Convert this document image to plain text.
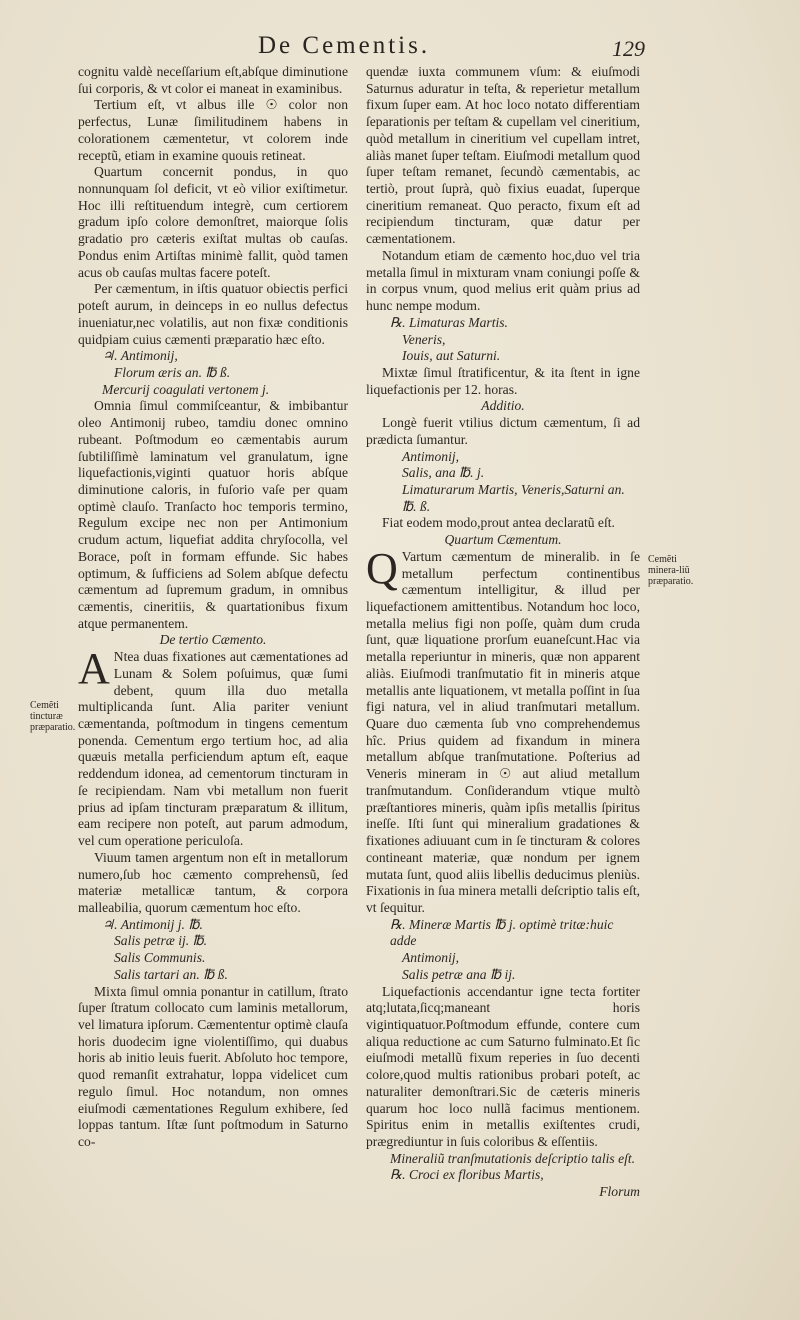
De Cementis.	129
Cemẽti tincturæ præparatio.
Cemẽti minera-liũ præparatio.

cognitu valdè neceſſarium eſt,abſque diminutione ſui corporis, & vt color ei maneat in examinibus.

Tertium eſt, vt albus ille ☉ color non perfectus, Lunæ ſimilitudinem habens in colorationem cæmentetur, vt colorem inde receptũ, etiam in examine quouis retineat.

Quartum concernit pondus, in quo nonnunquam ſol deficit, vt eò vilior exiſtimetur. Hoc illi reſtituendum integrè, cum certiorem gradum ipſo colore demonſtret, maiorque ſolis gradatio pro cæteris exiſtat multas ob cauſas. Pondus enim Artiſtas minimè fallit, quòd tamen acus ob cauſas multas facere poteſt.

Per cæmentum, in iſtis quatuor obiectis perfici poteſt aurum, in deinceps in eo nullus defectus inueniatur,nec volatilis, aut non fixæ conditionis quidpiam cuius cæmenti præparatio hæc eſto.

♃. Antimonij,

Florum æris an. ℔ ß.

Mercurij coagulati vertonem j.

Omnia ſimul commiſceantur, & imbibantur oleo Antimonij rubeo, tamdiu donec omnino rubeant. Poſtmodum eo cæmentabis aurum ſubtiliſſimè laminatum vel granulatum, igne liquefactionis,viginti quatuor horis abſque diminutione caloris, in fuſorio vaſe per quam optimè clauſo. Tranſacto hoc temporis termino, Regulum excipe nec non per Antimonium crudum actum, liquefiat addita chryſocolla, vel Borace, poſt in formam effunde. Sic habes optimum, & ſufficiens ad Solem abſque defectu cæmentum ad ſupremum gradum, in omnibus cæmentis, cineritiis, & quartationibus fixum atque permanentem.

De tertio Cæmento.

A Ntea duas fixationes aut cæmentationes ad Lunam & Solem poſuimus, quæ ſumi debent, quum illa duo metalla multiplicanda ſunt. Alia pariter veniunt cæmentanda, poſtmodum in tingens cementum ponenda. Cementum ergo tertium hoc, ad alia quæuis metalla perficiendum aptum eſt, eaque reddendum idonea, ad cementorum tincturam in ſe recipiendam. Nam vbi metallum non fuerit prius ad ipſam tincturam præparatum & illitum, eam recipere non poteſt, aut parum admodum, vel cum operatione periculoſa.

Viuum tamen argentum non eſt in metallorum numero,ſub hoc cæmento comprehensũ, ſed materiæ metallicæ tantum, & corpora malleabilia, quorum cæmentum hoc eſto.

♃. Antimonij j. ℔.

Salis petræ ij. ℔.

Salis Communis.

Salis tartari an. ℔ ß.

Mixta ſimul omnia ponantur in catillum, ſtrato ſuper ſtratum collocato cum laminis metallorum, vel limatura ipſorum. Cæmententur optimè clauſa horis duodecim igne violentiſſimo, qui duabus horis ab initio leuis fuerit. Abſoluto hoc tempore, quod remanſit extrahatur, loppa videlicet cum regulo ſimul. Hoc notandum, non omnes eiuſmodi cæmentationes Regulum exhibere, ſed loppas tantum. Iſtæ ſunt poſtmodum in Saturno co-

quendæ iuxta communem vſum: & eiuſmodi Saturnus aduratur in teſta, & reperietur metallum fixum ſuper eam. At hoc loco notato differentiam ſeparationis per teſtam & cupellam vel cineritium, quòd metallum in cineritium vel cupellam intret, aliàs manet ſuper teſtam. Eiuſmodi metallum quod ſuper teſtam remanet, ſecundò cæmentabis, ac tertiò, prout ſuprà, quò fixius euadat, ſuperque cineritium remaneat. Quo peracto, fixum eſt ad recipiendum tincturam, quæ datur per cæmentationem.

Notandum etiam de cæmento hoc,duo vel tria metalla ſimul in mixturam vnam coniungi poſſe & in corpus vnum, quod melius erit quàm prius ad hunc nempe modum.

℞. Limaturas Martis.

Veneris,

Iouis, aut Saturni.

Mixtæ ſimul ſtratificentur, & ita ſtent in igne liquefactionis per 12. horas.

Additio.

Longè fuerit vtilius dictum cæmentum, ſi ad prædicta ſumantur.

Antimonij,

Salis, ana ℔. j.

Limaturarum Martis, Veneris,Saturni an.

℔. ß.

Fiat eodem modo,prout antea declaratũ eſt.

Quartum Cæmentum.

Q Vartum cæmentum de mineralib. in ſe metallum perfectum continentibus cæmentum intelligitur, & illud per liquefactionem amittentibus. Notandum hoc loco, metalla melius figi non poſſe, quàm dum cruda ſunt, quæ liquatione prorſum euaneſcunt.Hac via metalla reperiuntur in mineris, quæ non apparent aliàs. Eiuſmodi tranſmutatio fit in mineris atque metallis ante liquationem, vt metalla poſſint in ſua figi natura, vel in aliud tranſmutari metallum. Quare duo cæmenta ſub vno comprehendemus hîc. Prius quidem ad fixandum in minera metallum abſque tranſmutatione. Poſterius ad Veneris mineram in ☉ aut aliud metallum tranſmutandum. Conſiderandum vtique multò præſtantiores mineris, quàm ipſis metallis ſpiritus ineſſe. Iſti ſunt qui mineralium gradationes & fixationes adiuuant cum in ſe tincturam & colores contineant materiæ, quæ nondum per ignem mutata ſunt, quod aliis libellis deducimus pleniùs. Fixationis in ſua minera metalli deſcriptio talis eſt, vt ſequitur.

℞. Mineræ Martis ℔ j. optimè tritæ:huic adde

Antimonij,

Salis petræ ana ℔ ij.

Liquefactionis accendantur igne tecta fortiter atq;lutata,ſicq;maneant horis vigintiquatuor.Poſtmodum effunde, contere cum aliqua reductione ac cum Saturno fulminato.Et ſic eiuſmodi metallũ fixum reperies in ſuo decenti colore,quod multis rationibus probari poteſt, ac naturaliter demonſtrari.Sic de cæteris mineris quarum hoc loco nullã facimus mentionem. Spiritus enim in metallis exiſtentes crudi, prægrediuntur in ſuis coloribus & eſſentiis.

Mineraliũ tranſmutationis deſcriptio talis eſt.

℞. Croci ex floribus Martis,

Florum
